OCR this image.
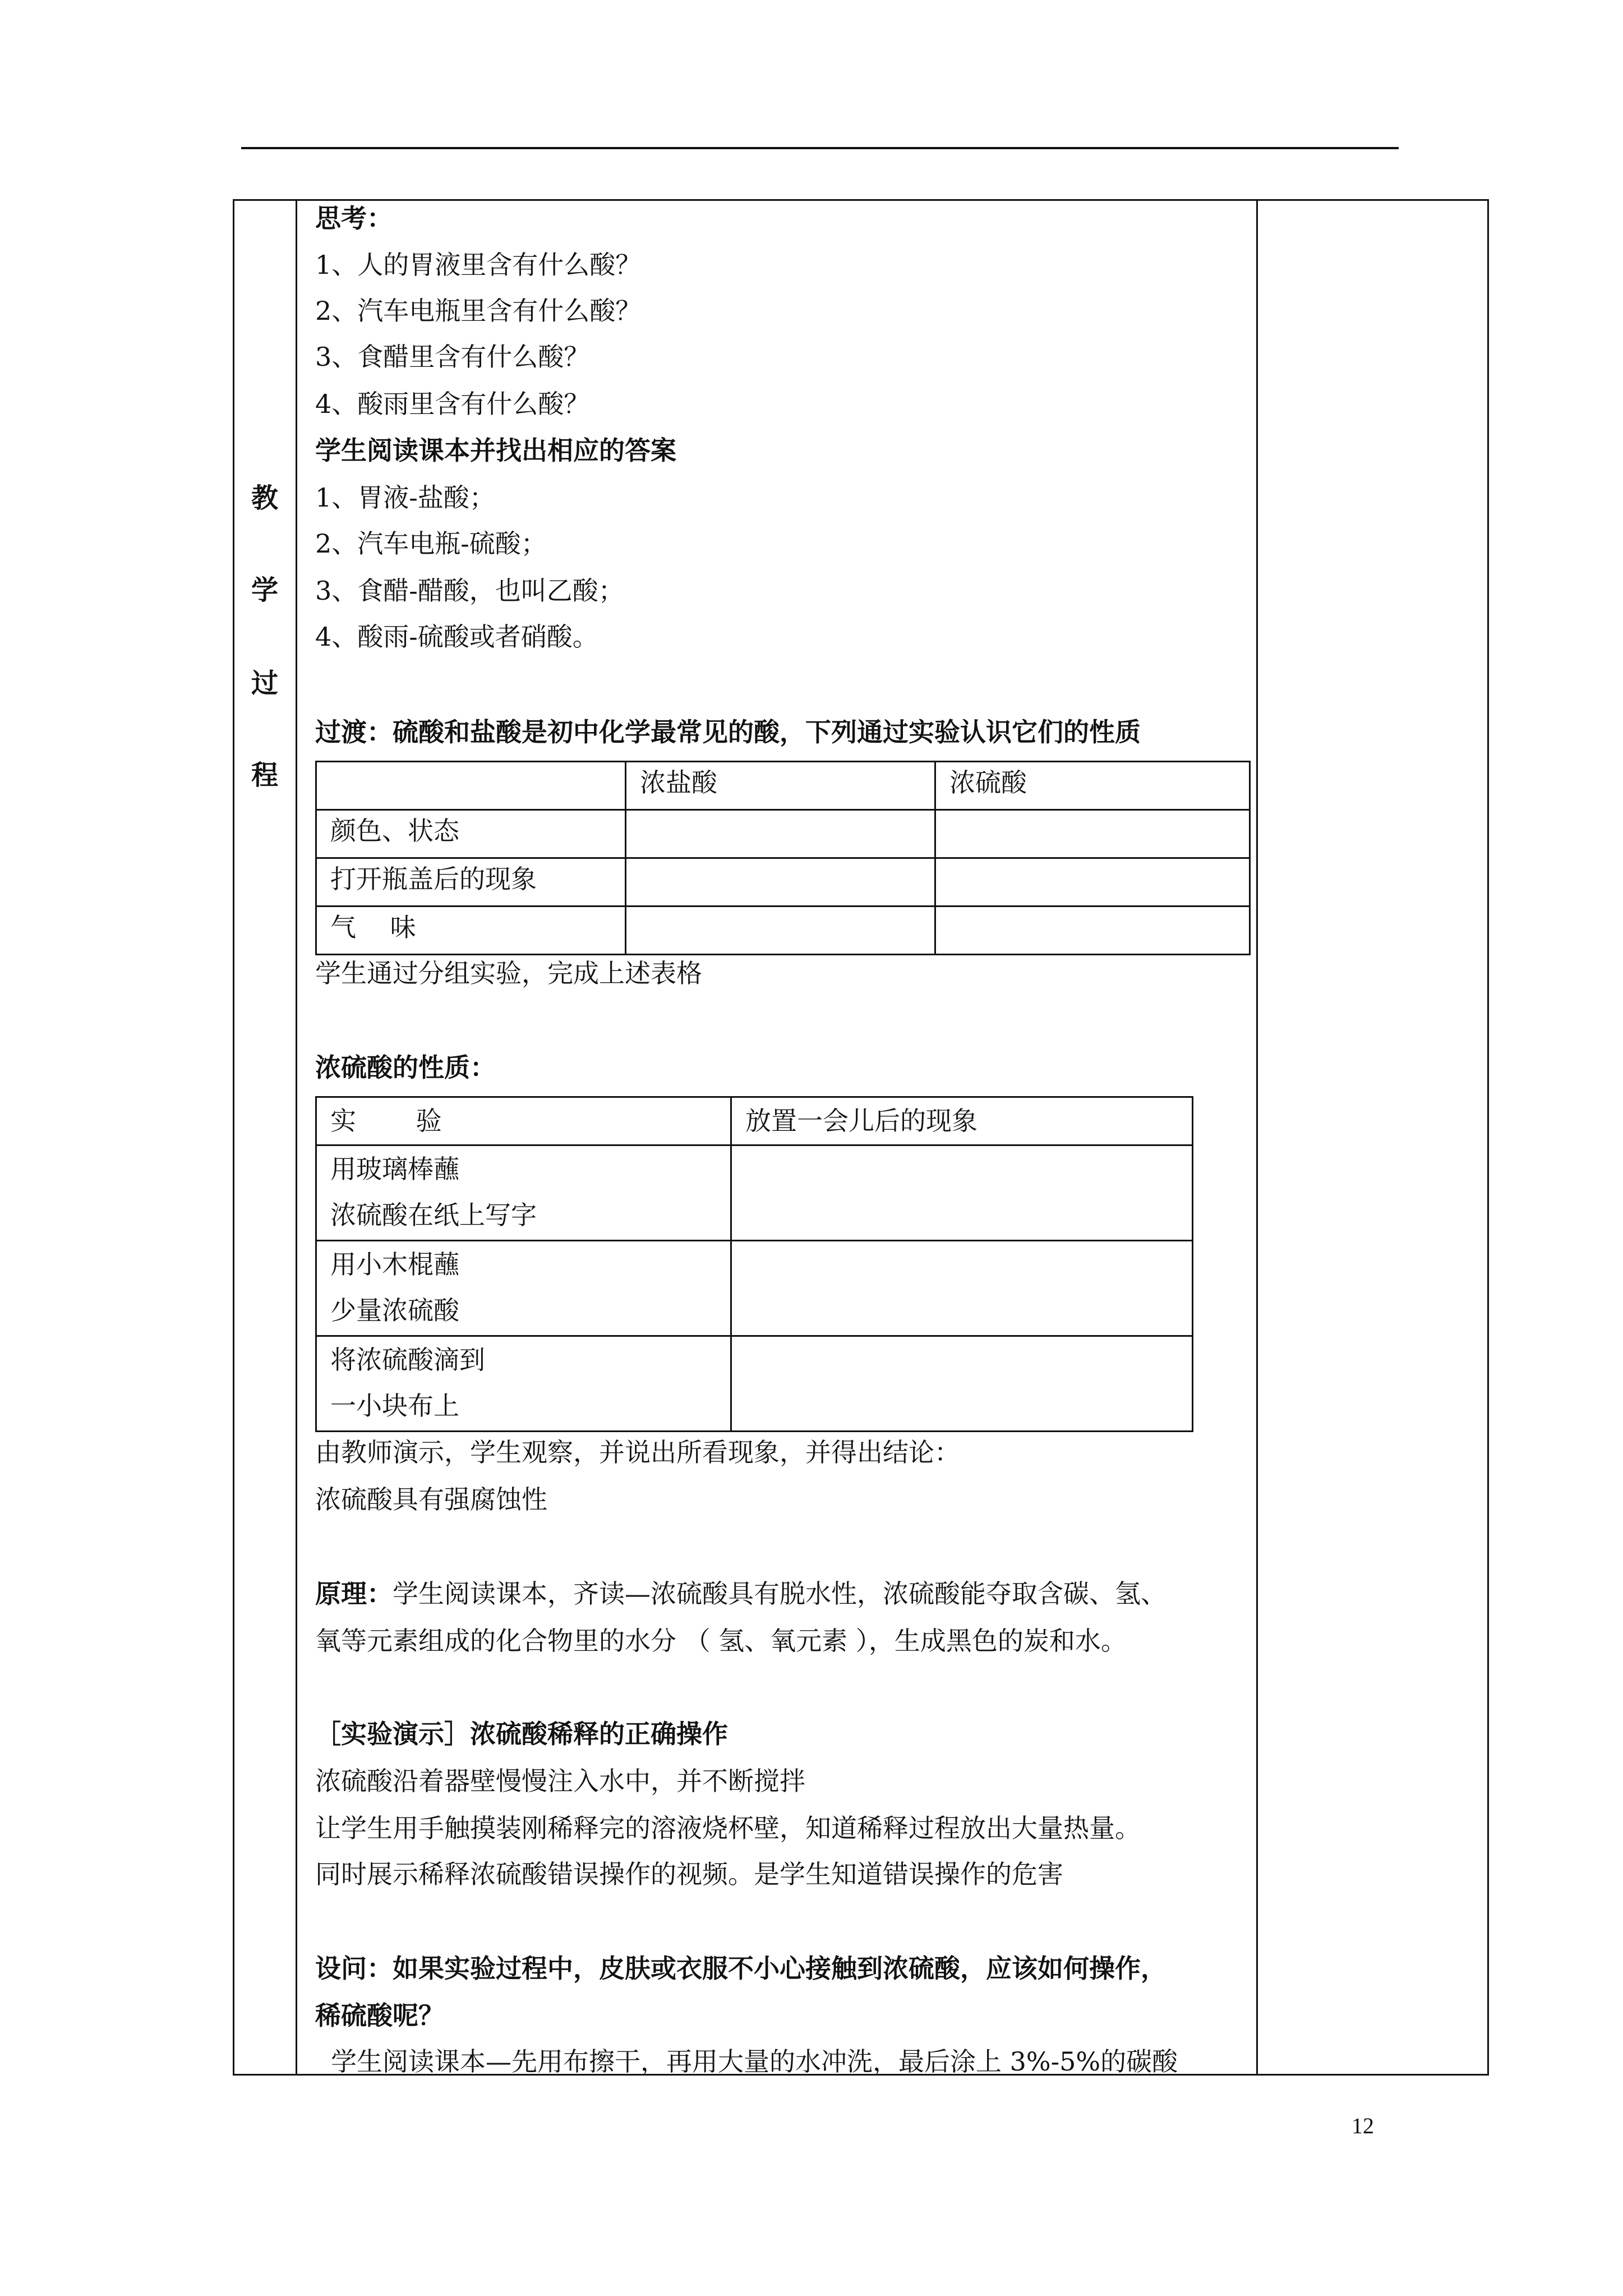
教
学
过
程
思考：
1、人的胃液里含有什么酸？
2、汽车电瓶里含有什么酸？
3、食醋里含有什么酸？
4、酸雨里含有什么酸？
学生阅读课本并找出相应的答案
1、胃液-盐酸；
2、汽车电瓶-硫酸；
3、食醋-醋酸，也叫乙酸；
4、酸雨-硫酸或者硝酸。
过渡：硫酸和盐酸是初中化学最常见的酸，下列通过实验认识它们的性质
	浓盐酸	浓硫酸
颜色、状态		
打开瓶盖后的现象		
气　 味		
学生通过分组实验，完成上述表格
浓硫酸的性质：
实　　 验	放置一会儿后的现象

用玻璃棒蘸
浓硫酸在纸上写字	

用小木棍蘸
少量浓硫酸	

将浓硫酸滴到
一小块布上	

由教师演示，学生观察，并说出所看现象，并得出结论：
浓硫酸具有强腐蚀性
原理：学生阅读课本，齐读—浓硫酸具有脱水性，浓硫酸能夺取含碳、氢、
氧等元素组成的化合物里的水分 （ 氢、氧元素 ），生成黑色的炭和水。
［实验演示］浓硫酸稀释的正确操作
浓硫酸沿着器壁慢慢注入水中，并不断搅拌
让学生用手触摸装刚稀释完的溶液烧杯壁，知道稀释过程放出大量热量。
同时展示稀释浓硫酸错误操作的视频。是学生知道错误操作的危害
设问：如果实验过程中，皮肤或衣服不小心接触到浓硫酸，应该如何操作，
稀硫酸呢？
学生阅读课本—先用布擦干，再用大量的水冲洗，最后涂上 3%-5%的碳酸
12
